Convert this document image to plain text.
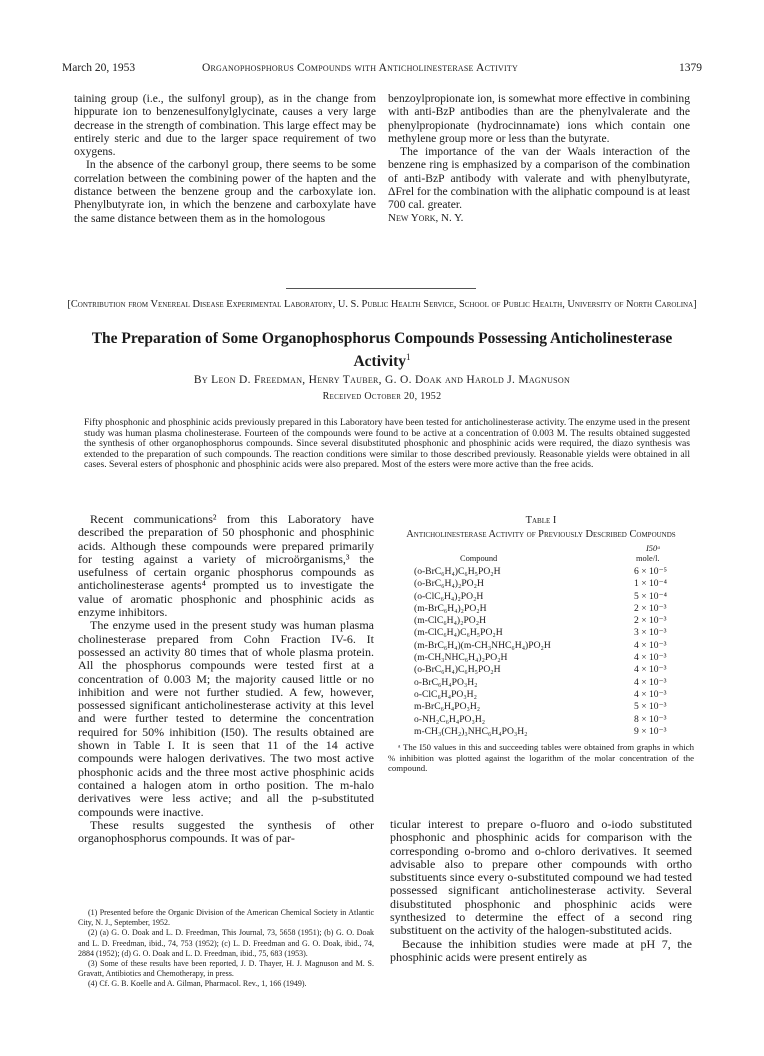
March 20, 1953	Organophosphorus Compounds with Anticholinesterase Activity	1379

taining group (i.e., the sulfonyl group), as in the change from hippurate ion to benzenesulfonylglycinate, causes a very large decrease in the strength of combination. This large effect may be entirely steric and due to the larger space requirement of two oxygens.

In the absence of the carbonyl group, there seems to be some correlation between the combining power of the hapten and the distance between the benzene group and the carboxylate ion. Phenylbutyrate ion, in which the benzene and carboxylate have the same distance between them as in the homologous

benzoylpropionate ion, is somewhat more effective in combining with anti-BzP antibodies than are the phenylvalerate and the phenylpropionate (hydrocinnamate) ions which contain one methylene group more or less than the butyrate.

The importance of the van der Waals interaction of the benzene ring is emphasized by a comparison of the combination of anti-BzP antibody with valerate and with phenylbutyrate, ΔFrel for the combination with the aliphatic compound is at least 700 cal. greater.

New York, N. Y.

[Contribution from Venereal Disease Experimental Laboratory, U. S. Public Health Service, School of Public Health, University of North Carolina]
The Preparation of Some Organophosphorus Compounds Possessing Anticholinesterase Activity$^1$
By Leon D. Freedman, Henry Tauber, G. O. Doak and Harold J. Magnuson
Received October 20, 1952
Fifty phosphonic and phosphinic acids previously prepared in this Laboratory have been tested for anticholinesterase activity. The enzyme used in the present study was human plasma cholinesterase. Fourteen of the compounds were found to be active at a concentration of 0.003 M. The results obtained suggested the synthesis of other organophosphorus compounds. Since several disubstituted phosphonic and phosphinic acids were required, the diazo synthesis was extended to the preparation of such compounds. The reaction conditions were similar to those described previously. Reasonable yields were obtained in all cases. Several esters of phosphonic and phosphinic acids were also prepared. Most of the esters were more active than the free acids.

Recent communications² from this Laboratory have described the preparation of 50 phosphonic and phosphinic acids. Although these compounds were prepared primarily for testing against a variety of microörganisms,³ the usefulness of certain organic phosphorus compounds as anticholinesterase agents⁴ prompted us to investigate the value of aromatic phosphonic and phosphinic acids as enzyme inhibitors.

The enzyme used in the present study was human plasma cholinesterase prepared from Cohn Fraction IV-6. It possessed an activity 80 times that of whole plasma protein. All the phosphorus compounds were tested first at a concentration of 0.003 M; the majority caused little or no inhibition and were not further studied. A few, however, possessed significant anticholinesterase activity at this level and were further tested to determine the concentration required for 50% inhibition (I50). The results obtained are shown in Table I. It is seen that 11 of the 14 active compounds were halogen derivatives. The two most active phosphonic acids and the three most active phosphinic acids contained a halogen atom in ortho position. The m-halo derivatives were less active; and all the p-substituted compounds were inactive.

These results suggested the synthesis of other organophosphorus compounds. It was of par-

(1) Presented before the Organic Division of the American Chemical Society in Atlantic City, N. J., September, 1952.

(2) (a) G. O. Doak and L. D. Freedman, This Journal, 73, 5658 (1951); (b) G. O. Doak and L. D. Freedman, ibid., 74, 753 (1952); (c) L. D. Freedman and G. O. Doak, ibid., 74, 2884 (1952); (d) G. O. Doak and L. D. Freedman, ibid., 75, 683 (1953).

(3) Some of these results have been reported, J. D. Thayer, H. J. Magnuson and M. S. Gravatt, Antibiotics and Chemotherapy, in press.

(4) Cf. G. B. Koelle and A. Gilman, Pharmacol. Rev., 1, 166 (1949).

Table I
Anticholinesterase Activity of Previously Described Compounds
Compound
I50ᵃ
mole/l.
(o-BrC₆H₄)C₆H₅PO₂H	6 × 10⁻⁵
(o-BrC₆H₄)₂PO₂H	1 × 10⁻⁴
(o-ClC₆H₄)₂PO₂H	5 × 10⁻⁴
(m-BrC₆H₄)₂PO₂H	2 × 10⁻³
(m-ClC₆H₄)₂PO₂H	2 × 10⁻³
(m-ClC₆H₄)C₆H₅PO₂H	3 × 10⁻³
(m-BrC₆H₄)(m-CH₃NHC₆H₄)PO₂H	4 × 10⁻³
(m-CH₃NHC₆H₄)₂PO₂H	4 × 10⁻³
(o-BrC₆H₄)C₆H₅PO₂H	4 × 10⁻³
o-BrC₆H₄PO₃H₂	4 × 10⁻³
o-ClC₆H₄PO₃H₂	4 × 10⁻³
m-BrC₆H₄PO₃H₂	5 × 10⁻³
o-NH₂C₆H₄PO₃H₂	8 × 10⁻³
m-CH₃(CH₂)₃NHC₆H₄PO₃H₂	9 × 10⁻³
ᵃ The I50 values in this and succeeding tables were obtained from graphs in which % inhibition was plotted against the logarithm of the molar concentration of the compound.

ticular interest to prepare o-fluoro and o-iodo substituted phosphonic and phosphinic acids for comparison with the corresponding o-bromo and o-chloro derivatives. It seemed advisable also to prepare other compounds with ortho substituents since every o-substituted compound we had tested possessed significant anticholinesterase activity. Several disubstituted phosphonic and phosphinic acids were synthesized to determine the effect of a second ring substituent on the activity of the halogen-substituted acids.

Because the inhibition studies were made at pH 7, the phosphinic acids were present entirely as
